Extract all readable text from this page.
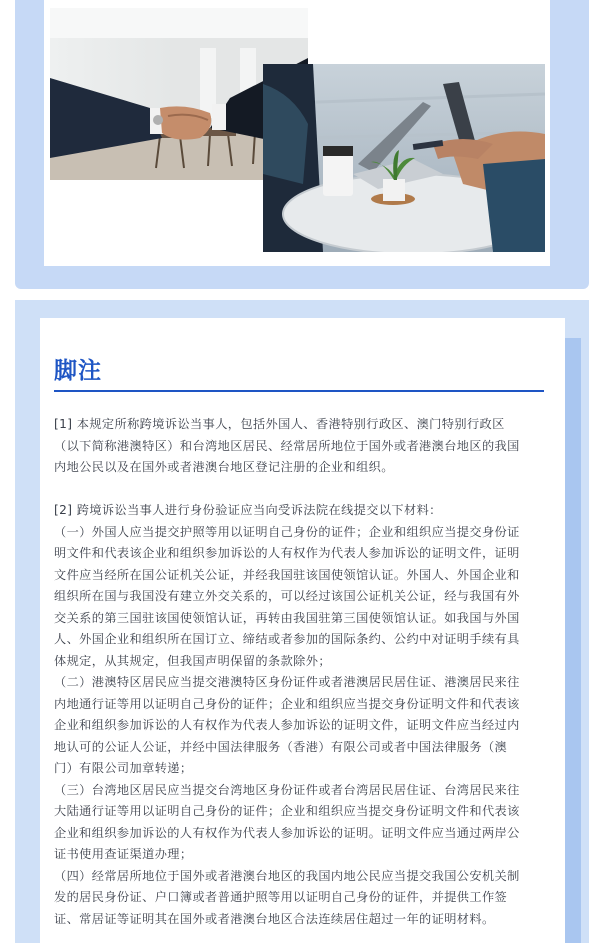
脚注

[1] 本规定所称跨境诉讼当事人，包括外国人、香港特别行政区、澳门特别行政区

（以下简称港澳特区）和台湾地区居民、经常居所地位于国外或者港澳台地区的我国

内地公民以及在国外或者港澳台地区登记注册的企业和组织。

[2] 跨境诉讼当事人进行身份验证应当向受诉法院在线提交以下材料：

（一）外国人应当提交护照等用以证明自己身份的证件；企业和组织应当提交身份证

明文件和代表该企业和组织参加诉讼的人有权作为代表人参加诉讼的证明文件，证明

文件应当经所在国公证机关公证，并经我国驻该国使领馆认证。外国人、外国企业和

组织所在国与我国没有建立外交关系的，可以经过该国公证机关公证，经与我国有外

交关系的第三国驻该国使领馆认证，再转由我国驻第三国使领馆认证。如我国与外国

人、外国企业和组织所在国订立、缔结或者参加的国际条约、公约中对证明手续有具

体规定，从其规定，但我国声明保留的条款除外；

（二）港澳特区居民应当提交港澳特区身份证件或者港澳居民居住证、港澳居民来往

内地通行证等用以证明自己身份的证件；企业和组织应当提交身份证明文件和代表该

企业和组织参加诉讼的人有权作为代表人参加诉讼的证明文件，证明文件应当经过内

地认可的公证人公证，并经中国法律服务（香港）有限公司或者中国法律服务（澳

门）有限公司加章转递；

（三）台湾地区居民应当提交台湾地区身份证件或者台湾居民居住证、台湾居民来往

大陆通行证等用以证明自己身份的证件；企业和组织应当提交身份证明文件和代表该

企业和组织参加诉讼的人有权作为代表人参加诉讼的证明。证明文件应当通过两岸公

证书使用查证渠道办理；

（四）经常居所地位于国外或者港澳台地区的我国内地公民应当提交我国公安机关制

发的居民身份证、户口簿或者普通护照等用以证明自己身份的证件，并提供工作签

证、常居证等证明其在国外或者港澳台地区合法连续居住超过一年的证明材料。
